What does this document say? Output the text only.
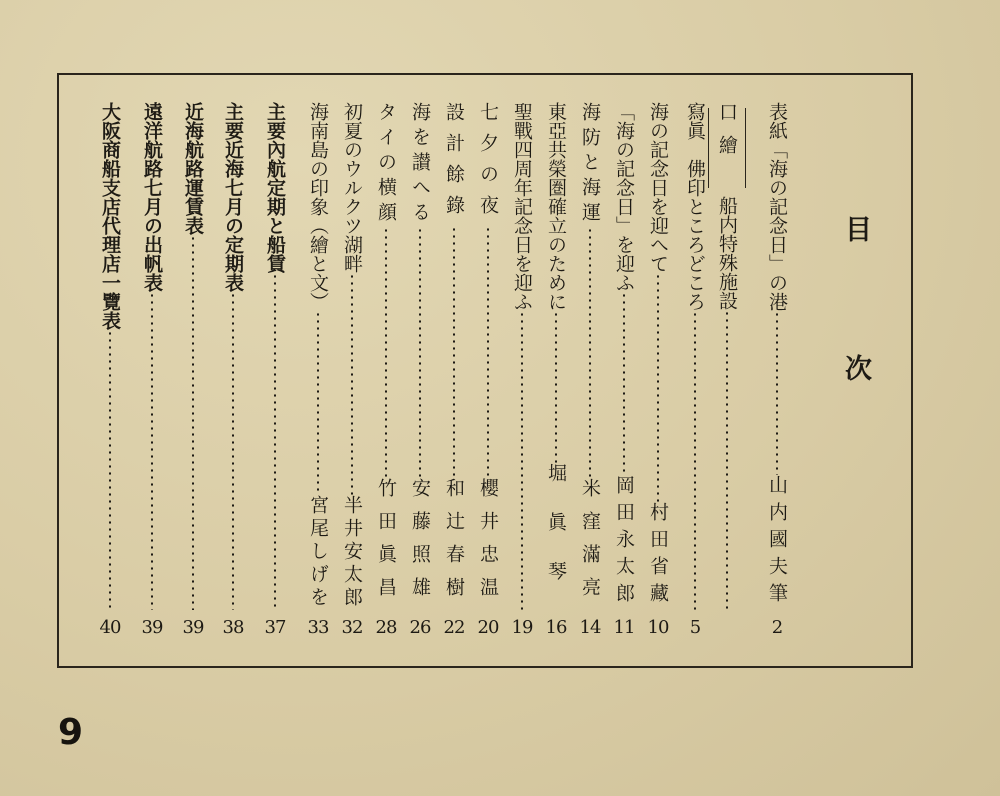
目次
表紙「海の記念日」の港
山内國夫筆
2
口繪
船内特殊施設
寫眞　佛印ところどころ
5
海の記念日を迎へて
村田省藏
10
「海の記念日」を迎ふ
岡田永太郎
11
海防と海運
米窪滿亮
14
東亞共榮圏確立のために
堀眞琴
16
聖戰四周年記念日を迎ふ
19
七夕の夜
櫻井忠温
20
設計餘錄
和辻春樹
22
海を讃へる
安藤照雄
26
タイの横顔
竹田眞昌
28
初夏のウルクツ湖畔
半井安太郎
32
海南島の印象（繪と文）
宮尾しげを
33
主要內航定期と船賃
37
主要近海七月の定期表
38
近海航路運賃表
39
遠洋航路七月の出帆表
39
大阪商船支店代理店一覽表
40
9
